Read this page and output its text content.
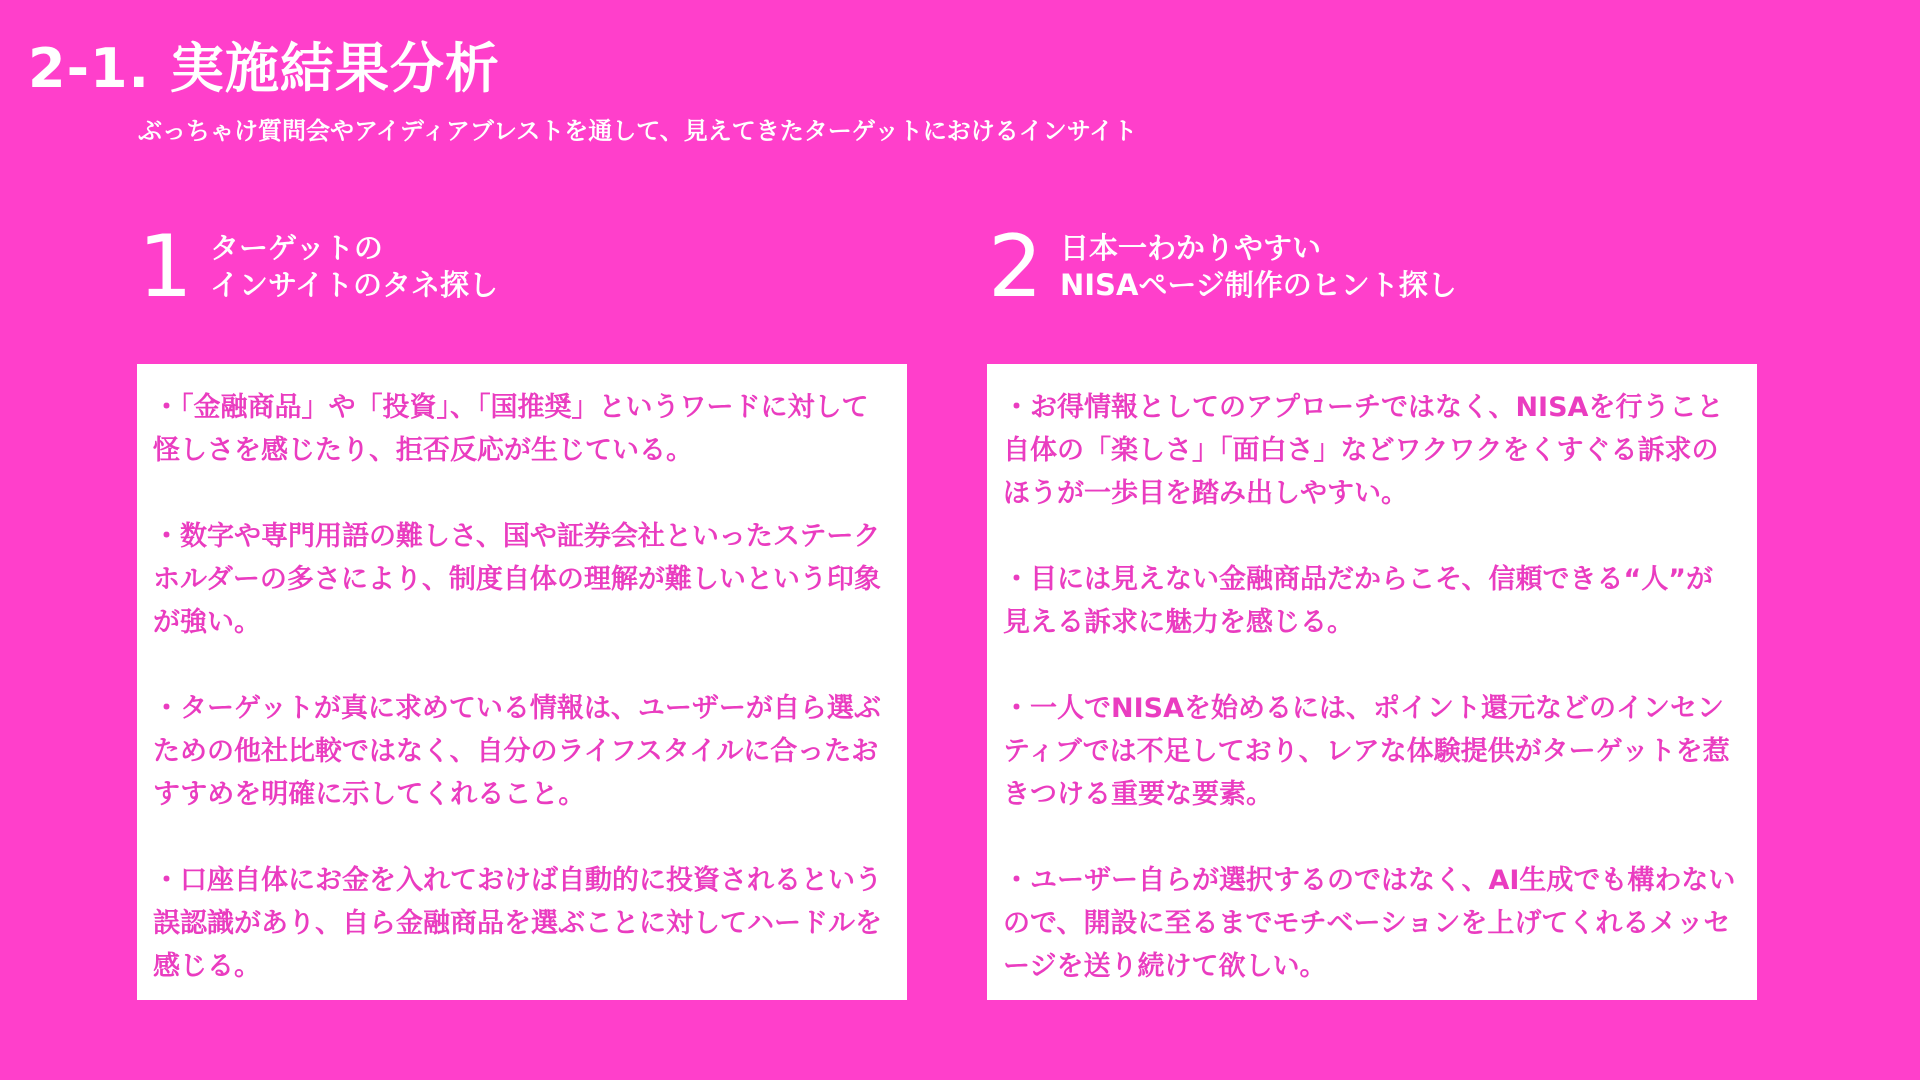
2-1. 実施結果分析
ぶっちゃけ質問会やアイディアブレストを通して、見えてきたターゲットにおけるインサイト
1 ターゲットの
インサイトのタネ探し	2 日本一わかりやすい
NISAページ制作のヒント探し

・「金融商品」や「投資」、「国推奨」というワードに対して怪しさを感じたり、拒否反応が生じている。

・数字や専門用語の難しさ、国や証券会社といったステークホルダーの多さにより、制度自体の理解が難しいという印象が強い。

・ターゲットが真に求めている情報は、ユーザーが自ら選ぶための他社比較ではなく、自分のライフスタイルに合ったおすすめを明確に示してくれること。

・口座自体にお金を入れておけば自動的に投資されるという誤認識があり、自ら金融商品を選ぶことに対してハードルを感じる。

・お得情報としてのアプローチではなく、NISAを行うこと自体の「楽しさ」「面白さ」などワクワクをくすぐる訴求のほうが一歩目を踏み出しやすい。

・目には見えない金融商品だからこそ、信頼できる“人”が見える訴求に魅力を感じる。

・一人でNISAを始めるには、ポイント還元などのインセンティブでは不足しており、レアな体験提供がターゲットを惹きつける重要な要素。

・ユーザー自らが選択するのではなく、AI生成でも構わないので、開設に至るまでモチベーションを上げてくれるメッセージを送り続けて欲しい。
